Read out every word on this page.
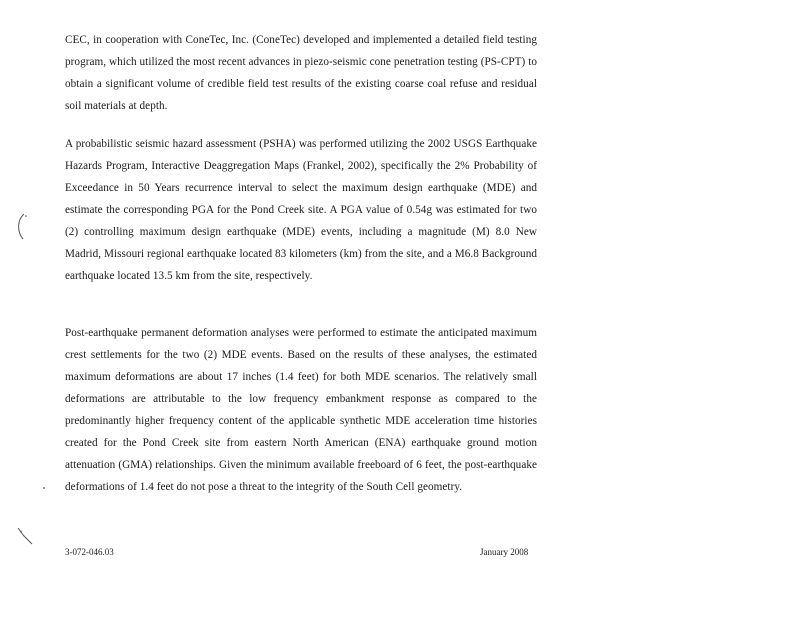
CEC, in cooperation with ConeTec, Inc. (ConeTec) developed and implemented a detailed field testing program, which utilized the most recent advances in piezo-seismic cone penetration testing (PS-CPT) to obtain a significant volume of credible field test results of the existing coarse coal refuse and residual soil materials at depth.

A probabilistic seismic hazard assessment (PSHA) was performed utilizing the 2002 USGS Earthquake Hazards Program, Interactive Deaggregation Maps (Frankel, 2002), specifically the 2% Probability of Exceedance in 50 Years recurrence interval to select the maximum design earthquake (MDE) and estimate the corresponding PGA for the Pond Creek site. A PGA value of 0.54g was estimated for two (2) controlling maximum design earthquake (MDE) events, including a magnitude (M) 8.0 New Madrid, Missouri regional earthquake located 83 kilometers (km) from the site, and a M6.8 Background earthquake located 13.5 km from the site, respectively.

Post-earthquake permanent deformation analyses were performed to estimate the anticipated maximum crest settlements for the two (2) MDE events. Based on the results of these analyses, the estimated maximum deformations are about 17 inches (1.4 feet) for both MDE scenarios. The relatively small deformations are attributable to the low frequency embankment response as compared to the predominantly higher frequency content of the applicable synthetic MDE acceleration time histories created for the Pond Creek site from eastern North American (ENA) earthquake ground motion attenuation (GMA) relationships. Given the minimum available freeboard of 6 feet, the post-earthquake deformations of 1.4 feet do not pose a threat to the integrity of the South Cell geometry.

3-072-046.03	January 2008
